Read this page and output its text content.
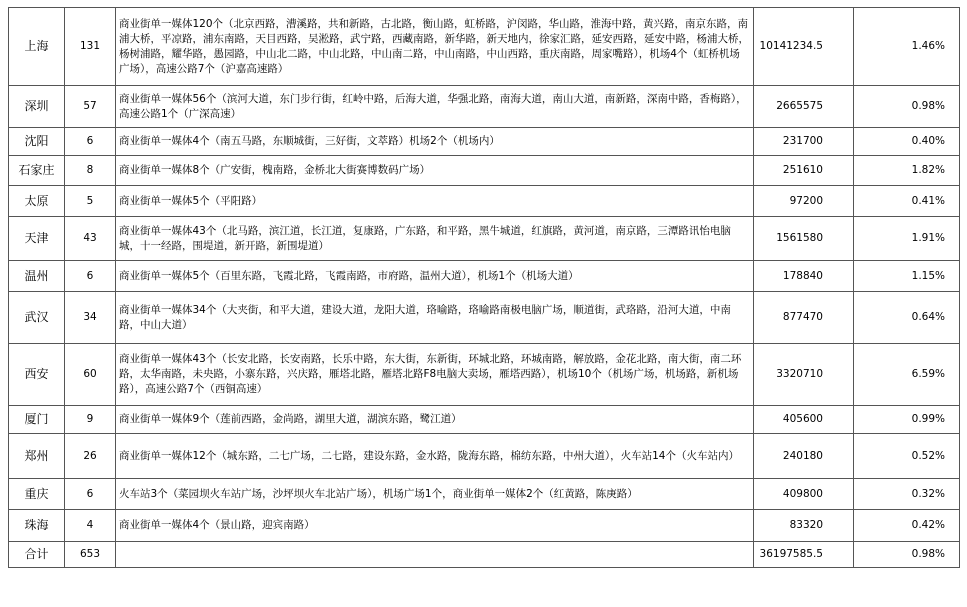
上海	131	商业街单一媒体120个（北京西路，漕溪路，共和新路，古北路，衡山路，虹桥路，沪闵路，华山路，淮海中路，黄兴路，南京东路，南浦大桥，平凉路，浦东南路，天目西路，吴淞路，武宁路，西藏南路，新华路，新天地内，徐家汇路，延安西路，延安中路，杨浦大桥，杨树浦路，耀华路，愚园路，中山北二路，中山北路，中山南二路，中山南路，中山西路，重庆南路，周家嘴路），机场4个（虹桥机场广场），高速公路7个（沪嘉高速路）	10141234.5	1.46%
深圳	57	商业街单一媒体56个（滨河大道，东门步行街，红岭中路，后海大道，华强北路，南海大道，南山大道，南新路，深南中路，香梅路），高速公路1个（广深高速）	2665575	0.98%
沈阳	6	商业街单一媒体4个（南五马路，东顺城街，三好街，文萃路）机场2个（机场内）	231700	0.40%
石家庄	8	商业街单一媒体8个（广安街，槐南路，金桥北大街赛博数码广场）	251610	1.82%
太原	5	商业街单一媒体5个（平阳路）	97200	0.41%
天津	43	商业街单一媒体43个（北马路，滨江道，长江道，复康路，广东路，和平路，黑牛城道，红旗路，黄河道，南京路，三潭路讯怡电脑城，十一经路，围堤道，新开路，新围堤道）	1561580	1.91%
温州	6	商业街单一媒体5个（百里东路，飞霞北路，飞霞南路，市府路，温州大道），机场1个（机场大道）	178840	1.15%
武汉	34	商业街单一媒体34个（大夹街，和平大道，建设大道，龙阳大道，珞喻路，珞喻路南极电脑广场，顺道街，武珞路，沿河大道，中南路，中山大道）	877470	0.64%
西安	60	商业街单一媒体43个（长安北路，长安南路，长乐中路，东大街，东新街，环城北路，环城南路，解放路，金花北路，南大街，南二环路，太华南路，未央路，小寨东路，兴庆路，雁塔北路，雁塔北路F8电脑大卖场，雁塔西路），机场10个（机场广场，机场路，新机场路），高速公路7个（西铜高速）	3320710	6.59%
厦门	9	商业街单一媒体9个（莲前西路，金尚路，湖里大道，湖滨东路，鹭江道）	405600	0.99%
郑州	26	商业街单一媒体12个（城东路，二七广场，二七路，建设东路，金水路，陇海东路，棉纺东路，中州大道），火车站14个（火车站内）	240180	0.52%
重庆	6	火车站3个（菜园坝火车站广场，沙坪坝火车北站广场），机场广场1个，商业街单一媒体2个（红黄路，陈庚路）	409800	0.32%
珠海	4	商业街单一媒体4个（景山路，迎宾南路）	83320	0.42%
合计	653		36197585.5	0.98%
